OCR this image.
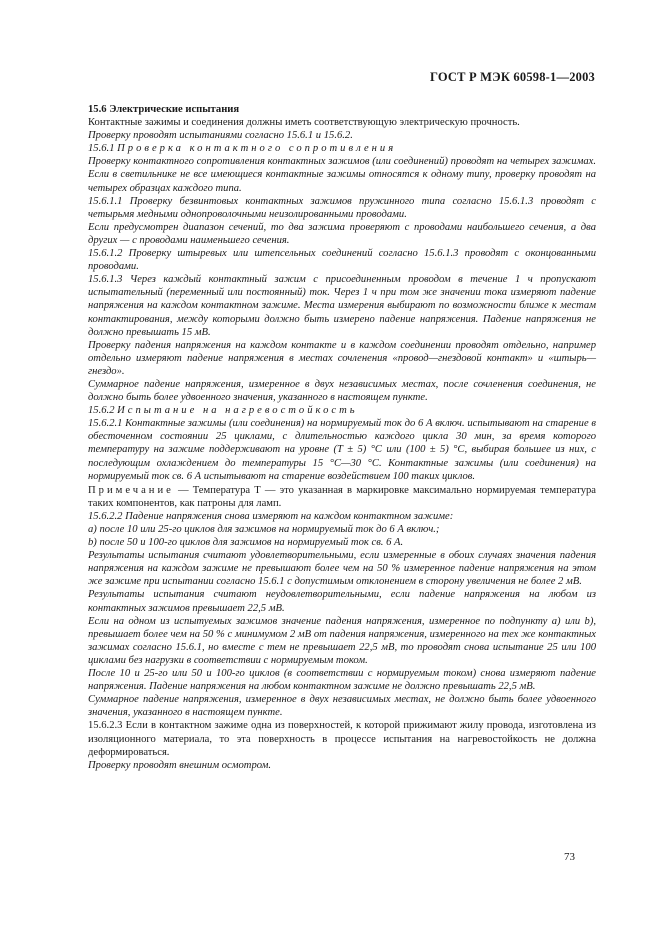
ГОСТ Р МЭК 60598-1—2003

15.6 Электрические испытания

Контактные зажимы и соединения должны иметь соответствующую электрическую прочность.

Проверку проводят испытаниями согласно 15.6.1 и 15.6.2.

15.6.1 Проверка контактного сопротивления

Проверку контактного сопротивления контактных зажимов (или соединений) проводят на четырех зажимах. Если в светильнике не все имеющиеся контактные зажимы относятся к одному типу, проверку проводят на четырех образцах каждого типа.

15.6.1.1 Проверку безвинтовых контактных зажимов пружинного типа согласно 15.6.1.3 проводят с четырьмя медными однопроволочными неизолированными проводами.

Если предусмотрен диапазон сечений, то два зажима проверяют с проводами наибольшего сечения, а два других — с проводами наименьшего сечения.

15.6.1.2 Проверку штыревых или штепсельных соединений согласно 15.6.1.3 проводят с оконцованными проводами.

15.6.1.3 Через каждый контактный зажим с присоединенным проводом в течение 1 ч пропускают испытательный (переменный или постоянный) ток. Через 1 ч при том же значении тока измеряют падение напряжения на каждом контактном зажиме. Места измерения выбирают по возможности ближе к местам контактирования, между которыми должно быть измерено падение напряжения. Падение напряжения не должно превышать 15 мВ.

Проверку падения напряжения на каждом контакте и в каждом соединении проводят отдельно, например отдельно измеряют падение напряжения в местах сочленения «провод—гнездовой контакт» и «штырь—гнездо».

Суммарное падение напряжения, измеренное в двух независимых местах, после сочленения соединения, не должно быть более удвоенного значения, указанного в настоящем пункте.

15.6.2 Испытание на нагревостойкость

15.6.2.1 Контактные зажимы (или соединения) на нормируемый ток до 6 А включ. испытывают на старение в обесточенном состоянии 25 циклами, с длительностью каждого цикла 30 мин, за время которого температуру на зажиме поддерживают на уровне (Т ± 5) °С или (100 ± 5) °С, выбирая большее из них, с последующим охлаждением до температуры 15 °С—30 °С. Контактные зажимы (или соединения) на нормируемый ток св. 6 А испытывают на старение воздействием 100 таких циклов.

Примечание — Температура Т — это указанная в маркировке максимально нормируемая температура таких компонентов, как патроны для ламп.

15.6.2.2 Падение напряжения снова измеряют на каждом контактном зажиме:

а) после 10 или 25-го циклов для зажимов на нормируемый ток до 6 А включ.;

b) после 50 и 100-го циклов для зажимов на нормируемый ток св. 6 А.

Результаты испытания считают удовлетворительными, если измеренные в обоих случаях значения падения напряжения на каждом зажиме не превышают более чем на 50 % измеренное падение напряжения на этом же зажиме при испытании согласно 15.6.1 с допустимым отклонением в сторону увеличения не более 2 мВ.

Результаты испытания считают неудовлетворительными, если падение напряжения на любом из контактных зажимов превышает 22,5 мВ.

Если на одном из испытуемых зажимов значение падения напряжения, измеренное по подпункту а) или b), превышает более чем на 50 % с минимумом 2 мВ от падения напряжения, измеренного на тех же контактных зажимах согласно 15.6.1, но вместе с тем не превышает 22,5 мВ, то проводят снова испытание 25 или 100 циклами без нагрузки в соответствии с нормируемым током.

После 10 и 25-го или 50 и 100-го циклов (в соответствии с нормируемым током) снова измеряют падение напряжения. Падение напряжения на любом контактном зажиме не должно превышать 22,5 мВ.

Суммарное падение напряжения, измеренное в двух независимых местах, не должно быть более удвоенного значения, указанного в настоящем пункте.

15.6.2.3 Если в контактном зажиме одна из поверхностей, к которой прижимают жилу провода, изготовлена из изоляционного материала, то эта поверхность в процессе испытания на нагревостойкость не должна деформироваться.

Проверку проводят внешним осмотром.

73
